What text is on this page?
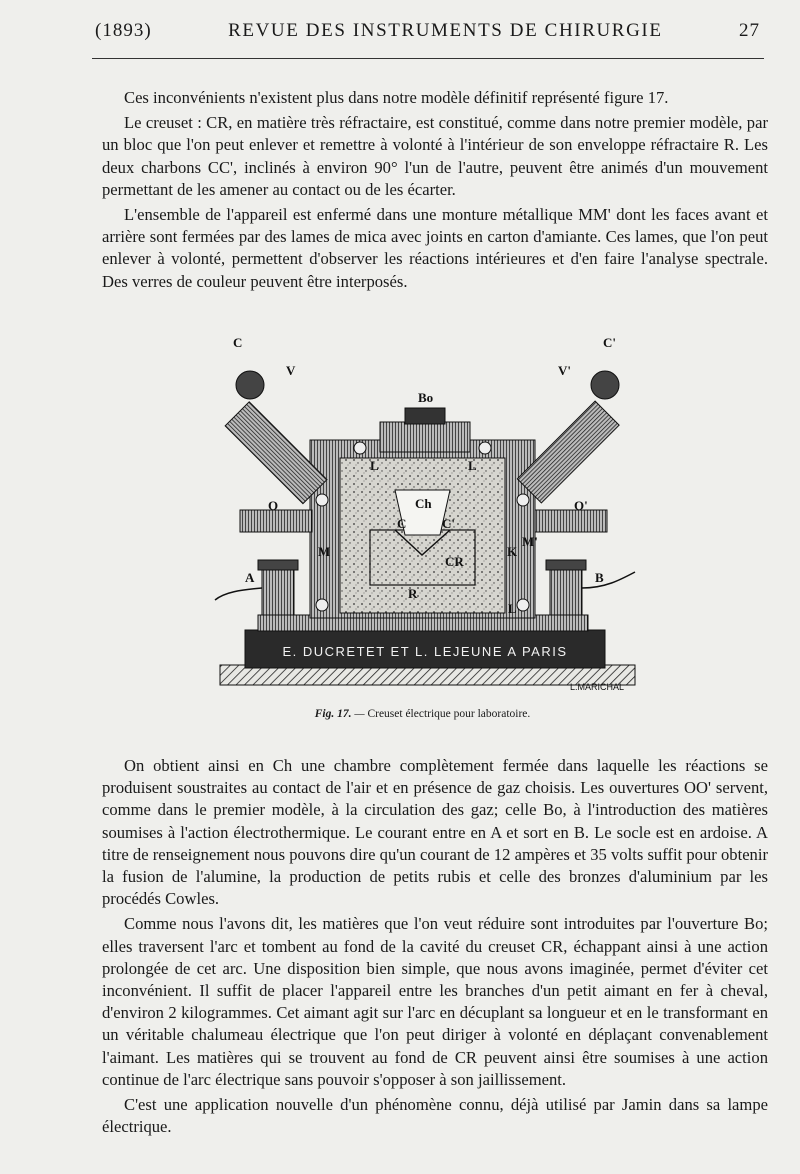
(1893)	REVUE DES INSTRUMENTS DE CHIRURGIE	27

Ces inconvénients n'existent plus dans notre modèle définitif représenté figure 17.

Le creuset : CR, en matière très réfractaire, est constitué, comme dans notre premier modèle, par un bloc que l'on peut enlever et remettre à volonté à l'intérieur de son enveloppe réfractaire R. Les deux charbons CC', inclinés à environ 90° l'un de l'autre, peuvent être animés d'un mouvement permettant de les amener au contact ou de les écarter.

L'ensemble de l'appareil est enfermé dans une monture métallique MM' dont les faces avant et arrière sont fermées par des lames de mica avec joints en carton d'amiante. Ces lames, que l'on peut enlever à volonté, permettent d'observer les réactions intérieures et d'en faire l'analyse spectrale. Des verres de couleur peuvent être interposés.

E. DUCRETET ET L. LEJEUNE A PARIS
L.MARICHAL
C	C'
V	V'
Bo
Ch
C	C'
CR
R
O	O'
M
M'
K
L	L
L
A	B
Fig. 17. — Creuset électrique pour laboratoire.

On obtient ainsi en Ch une chambre complètement fermée dans laquelle les réactions se produisent soustraites au contact de l'air et en présence de gaz choisis. Les ouvertures OO' servent, comme dans le premier modèle, à la circulation des gaz; celle Bo, à l'introduction des matières soumises à l'action électrothermique. Le courant entre en A et sort en B. Le socle est en ardoise. A titre de renseignement nous pouvons dire qu'un courant de 12 ampères et 35 volts suffit pour obtenir la fusion de l'alumine, la production de petits rubis et celle des bronzes d'aluminium par les procédés Cowles.

Comme nous l'avons dit, les matières que l'on veut réduire sont introduites par l'ouverture Bo; elles traversent l'arc et tombent au fond de la cavité du creuset CR, échappant ainsi à une action prolongée de cet arc. Une disposition bien simple, que nous avons imaginée, permet d'éviter cet inconvénient. Il suffit de placer l'appareil entre les branches d'un petit aimant en fer à cheval, d'environ 2 kilogrammes. Cet aimant agit sur l'arc en décuplant sa longueur et en le transformant en un véritable chalumeau électrique que l'on peut diriger à volonté en déplaçant convenablement l'aimant. Les matières qui se trouvent au fond de CR peuvent ainsi être soumises à une action continue de l'arc électrique sans pouvoir s'opposer à son jaillissement.

C'est une application nouvelle d'un phénomène connu, déjà utilisé par Jamin dans sa lampe électrique.
